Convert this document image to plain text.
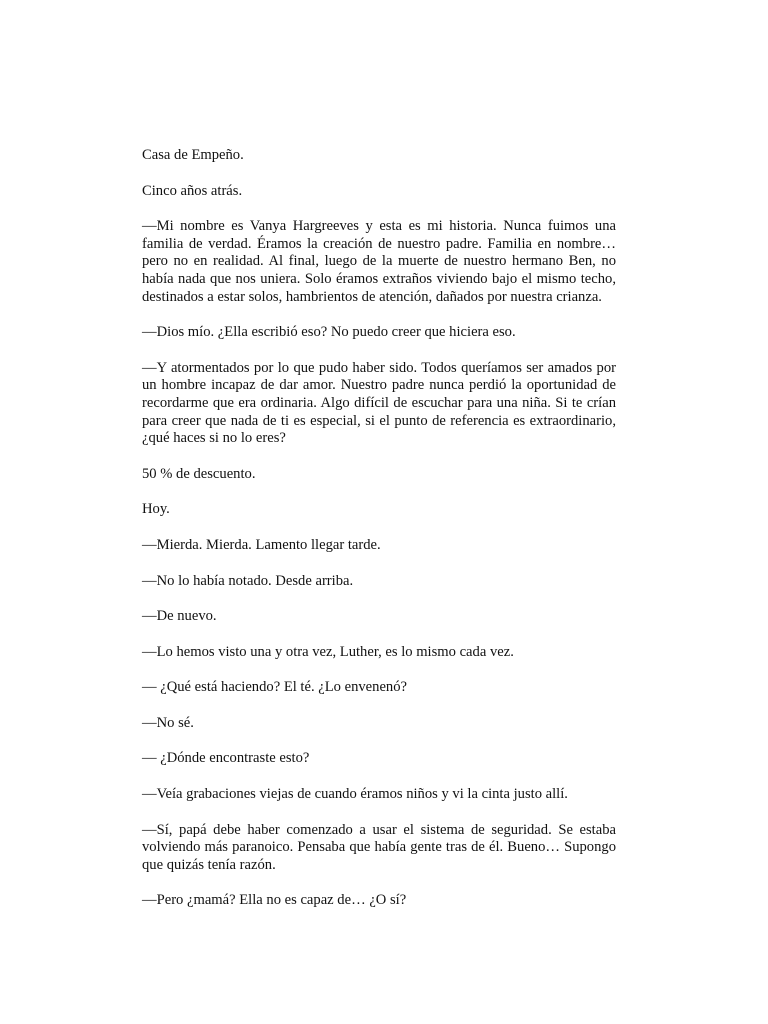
Casa de Empeño.

Cinco años atrás.

—Mi nombre es Vanya Hargreeves y esta es mi historia. Nunca fuimos una familia de verdad. Éramos la creación de nuestro padre. Familia en nombre… pero no en realidad. Al final, luego de la muerte de nuestro hermano Ben, no había nada que nos uniera. Solo éramos extraños viviendo bajo el mismo techo, destinados a estar solos, hambrientos de atención, dañados por nuestra crianza.

—Dios mío. ¿Ella escribió eso? No puedo creer que hiciera eso.

—Y atormentados por lo que pudo haber sido. Todos queríamos ser amados por un hombre incapaz de dar amor. Nuestro padre nunca perdió la oportunidad de recordarme que era ordinaria. Algo difícil de escuchar para una niña. Si te crían para creer que nada de ti es especial, si el punto de referencia es extraordinario, ¿qué haces si no lo eres?

50 % de descuento.

Hoy.

—Mierda. Mierda. Lamento llegar tarde.

—No lo había notado. Desde arriba.

—De nuevo.

—Lo hemos visto una y otra vez, Luther, es lo mismo cada vez.

— ¿Qué está haciendo? El té. ¿Lo envenenó?

—No sé.

— ¿Dónde encontraste esto?

—Veía grabaciones viejas de cuando éramos niños y vi la cinta justo allí.

—Sí, papá debe haber comenzado a usar el sistema de seguridad. Se estaba volviendo más paranoico. Pensaba que había gente tras de él. Bueno… Supongo que quizás tenía razón.

—Pero ¿mamá? Ella no es capaz de… ¿O sí?
